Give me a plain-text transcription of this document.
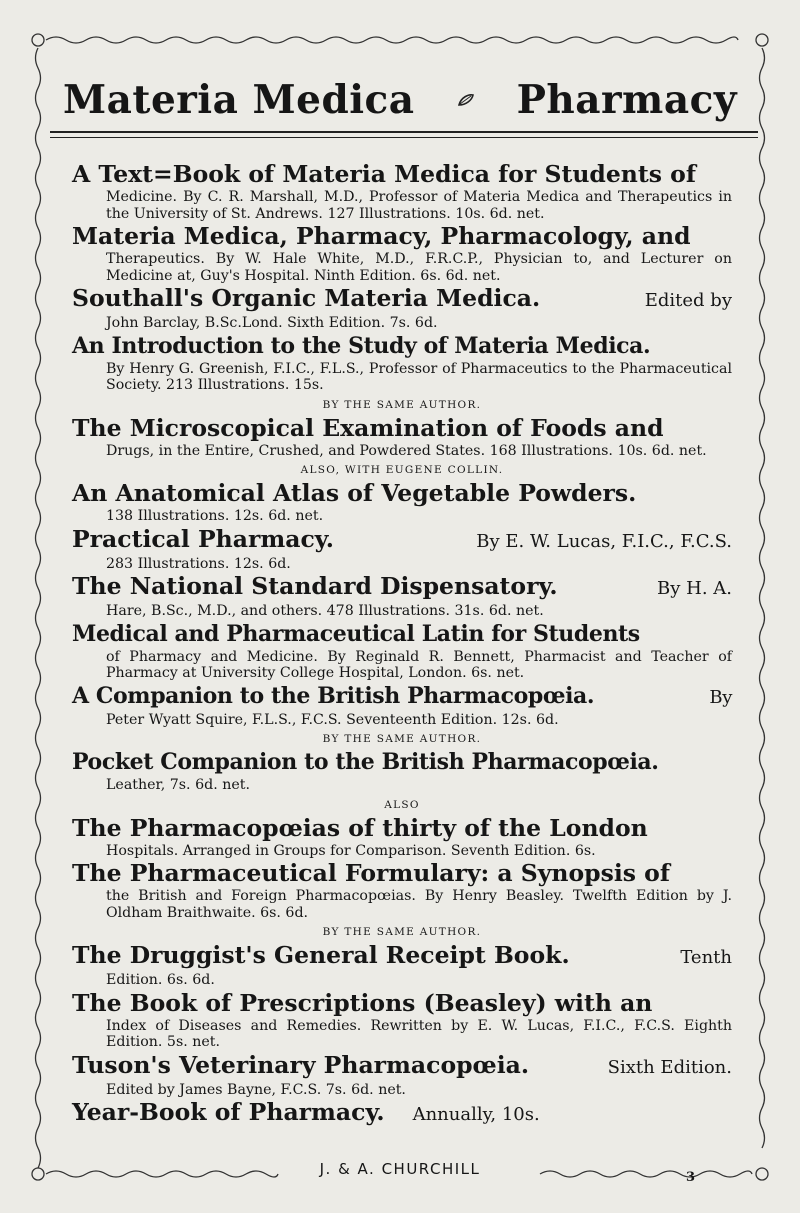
Materia Medica	Pharmacy
A Text=Book of Materia Medica for Students of
Medicine. By C. R. Marshall, M.D., Professor of Materia Medica and Therapeutics in the University of St. Andrews. 127 Illustrations. 10s. 6d. net.
Materia Medica, Pharmacy, Pharmacology, and
Therapeutics. By W. Hale White, M.D., F.R.C.P., Physician to, and Lecturer on Medicine at, Guy's Hospital. Ninth Edition. 6s. 6d. net.
Southall's Organic Materia Medica.	Edited by
John Barclay, B.Sc.Lond. Sixth Edition. 7s. 6d.
An Introduction to the Study of Materia Medica.
By Henry G. Greenish, F.I.C., F.L.S., Professor of Pharmaceutics to the Pharmaceutical Society. 213 Illustrations. 15s.
BY THE SAME AUTHOR.
The Microscopical Examination of Foods and
Drugs, in the Entire, Crushed, and Powdered States. 168 Illustrations. 10s. 6d. net.
ALSO, WITH EUGENE COLLIN.
An Anatomical Atlas of Vegetable Powders.
138 Illustrations. 12s. 6d. net.
Practical Pharmacy.	By E. W. Lucas, F.I.C., F.C.S.
283 Illustrations. 12s. 6d.
The National Standard Dispensatory.	By H. A.
Hare, B.Sc., M.D., and others. 478 Illustrations. 31s. 6d. net.
Medical and Pharmaceutical Latin for Students
of Pharmacy and Medicine. By Reginald R. Bennett, Pharmacist and Teacher of Pharmacy at University College Hospital, London. 6s. net.
A Companion to the British Pharmacopœia.	By
Peter Wyatt Squire, F.L.S., F.C.S. Seventeenth Edition. 12s. 6d.
BY THE SAME AUTHOR.
Pocket Companion to the British Pharmacopœia.
Leather, 7s. 6d. net.
ALSO
The Pharmacopœias of thirty of the London
Hospitals. Arranged in Groups for Comparison. Seventh Edition. 6s.
The Pharmaceutical Formulary: a Synopsis of
the British and Foreign Pharmacopœias. By Henry Beasley. Twelfth Edition by J. Oldham Braithwaite. 6s. 6d.
BY THE SAME AUTHOR.
The Druggist's General Receipt Book.	Tenth
Edition. 6s. 6d.
The Book of Prescriptions (Beasley) with an
Index of Diseases and Remedies. Rewritten by E. W. Lucas, F.I.C., F.C.S. Eighth Edition. 5s. net.
Tuson's Veterinary Pharmacopœia.	Sixth Edition.
Edited by James Bayne, F.C.S. 7s. 6d. net.
Year-Book of Pharmacy. Annually, 10s.
J. & A. CHURCHILL	3
